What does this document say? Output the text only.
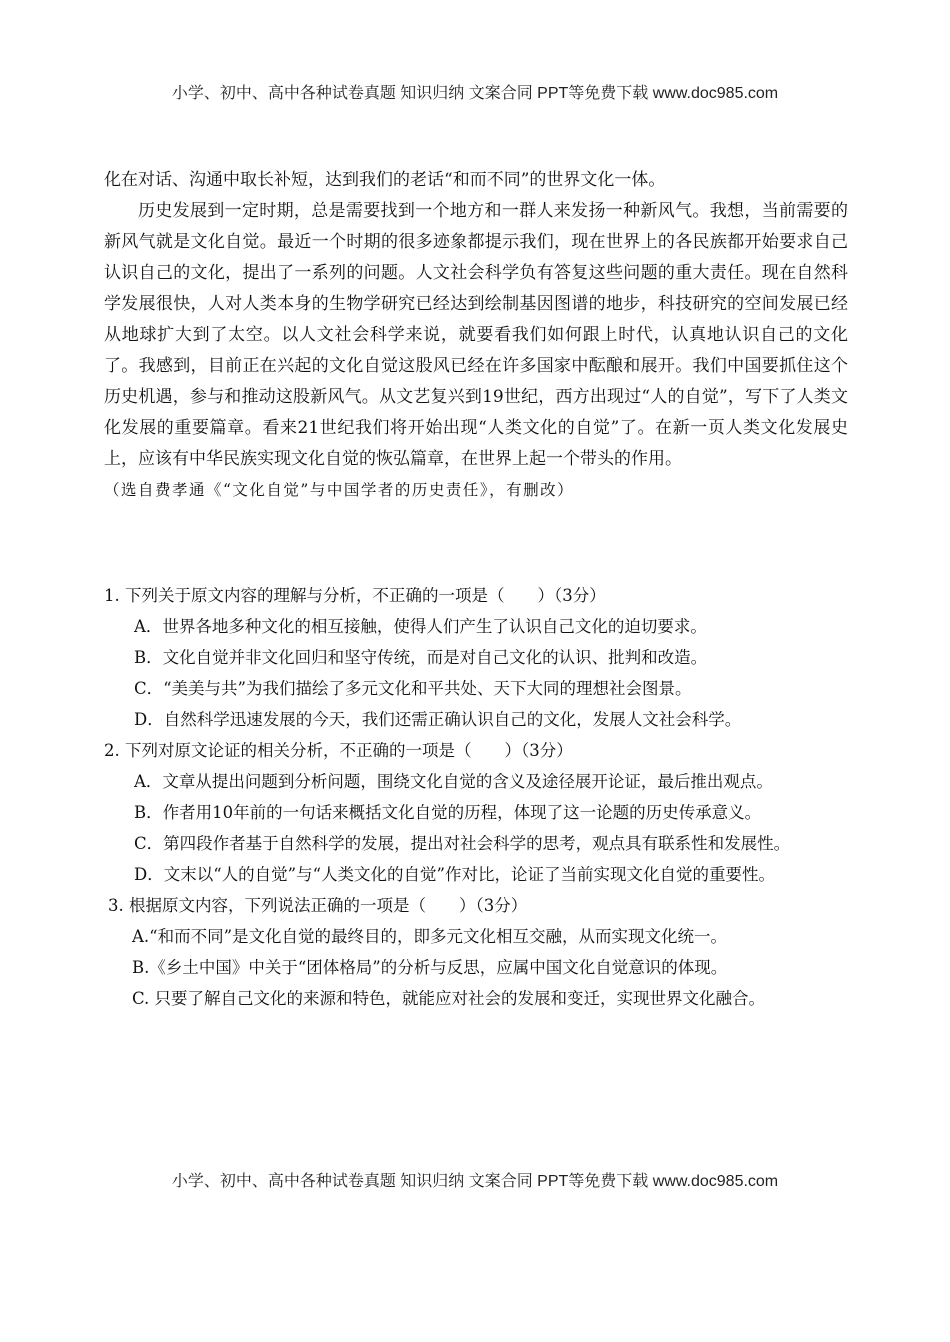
小学、初中、高中各种试卷真题 知识归纳 文案合同 PPT等免费下载 www.doc985.com

化在对话、沟通中取长补短，达到我们的老话“和而不同”的世界文化一体。

历史发展到一定时期，总是需要找到一个地方和一群人来发扬一种新风气。我想，当前需要的新风气就是文化自觉。最近一个时期的很多迹象都提示我们，现在世界上的各民族都开始要求自己认识自己的文化，提出了一系列的问题。人文社会科学负有答复这些问题的重大责任。现在自然科学发展很快，人对人类本身的生物学研究已经达到绘制基因图谱的地步，科技研究的空间发展已经从地球扩大到了太空。以人文社会科学来说，就要看我们如何跟上时代，认真地认识自己的文化了。我感到，目前正在兴起的文化自觉这股风已经在许多国家中酝酿和展开。我们中国要抓住这个历史机遇，参与和推动这股新风气。从文艺复兴到19世纪，西方出现过“人的自觉”，写下了人类文化发展的重要篇章。看来21世纪我们将开始出现“人类文化的自觉”了。在新一页人类文化发展史上，应该有中华民族实现文化自觉的恢弘篇章，在世界上起一个带头的作用。

（选自费孝通《“文化自觉”与中国学者的历史责任》，有删改）

1. 下列关于原文内容的理解与分析，不正确的一项是（　　）（3分）

A．世界各地多种文化的相互接触，使得人们产生了认识自己文化的迫切要求。

B．文化自觉并非文化回归和坚守传统，而是对自己文化的认识、批判和改造。

C．“美美与共”为我们描绘了多元文化和平共处、天下大同的理想社会图景。

D．自然科学迅速发展的今天，我们还需正确认识自己的文化，发展人文社会科学。

2. 下列对原文论证的相关分析，不正确的一项是（　　）（3分）

A．文章从提出问题到分析问题，围绕文化自觉的含义及途径展开论证，最后推出观点。

B．作者用10年前的一句话来概括文化自觉的历程，体现了这一论题的历史传承意义。

C．第四段作者基于自然科学的发展，提出对社会科学的思考，观点具有联系性和发展性。

D．文末以“人的自觉”与“人类文化的自觉”作对比，论证了当前实现文化自觉的重要性。

3. 根据原文内容，下列说法正确的一项是（　　）（3分）

A.“和而不同”是文化自觉的最终目的，即多元文化相互交融，从而实现文化统一。

B.《乡土中国》中关于“团体格局”的分析与反思，应属中国文化自觉意识的体现。

C. 只要了解自己文化的来源和特色，就能应对社会的发展和变迁，实现世界文化融合。

小学、初中、高中各种试卷真题 知识归纳 文案合同 PPT等免费下载 www.doc985.com
